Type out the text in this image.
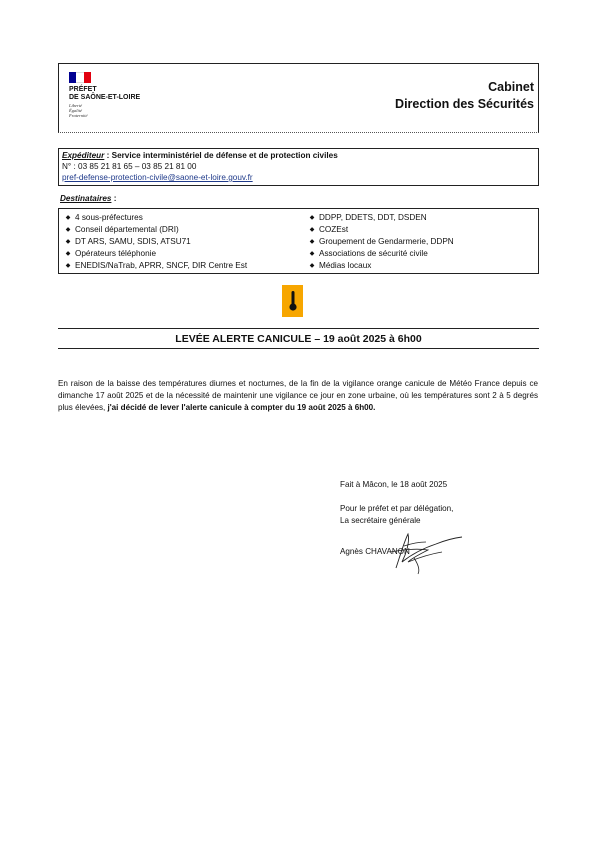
PRÉFET
DE SAÔNE-ET-LOIRE
Liberté
Égalité
Fraternité
Cabinet
Direction des Sécurités
Expéditeur : Service interministériel de défense et de protection civiles
N° : 03 85 21 81 65 – 03 85 21 81 00
pref-defense-protection-civile@saone-et-loire.gouv.fr
Destinataires :
◆ 4 sous-préfectures
◆ Conseil départemental (DRI)
◆ DT ARS, SAMU, SDIS, ATSU71
◆ Opérateurs téléphonie
◆ ENEDIS/NaTrab, APRR, SNCF, DIR Centre Est
◆ DDPP, DDETS, DDT, DSDEN
◆ COZEst
◆ Groupement de Gendarmerie, DDPN
◆ Associations de sécurité civile
◆ Médias locaux
LEVÉE ALERTE CANICULE – 19 août 2025 à 6h00
En raison de la baisse des températures diurnes et nocturnes, de la fin de la vigilance orange canicule de Météo France depuis ce dimanche 17 août 2025 et de la nécessité de maintenir une vigilance ce jour en zone urbaine, où les températures sont 2 à 5 degrés plus élevées, j'ai décidé de lever l'alerte canicule à compter du 19 août 2025 à 6h00.
Fait à Mâcon, le 18 août 2025
Pour le préfet et par délégation,
La secrétaire générale
Agnès CHAVANON
